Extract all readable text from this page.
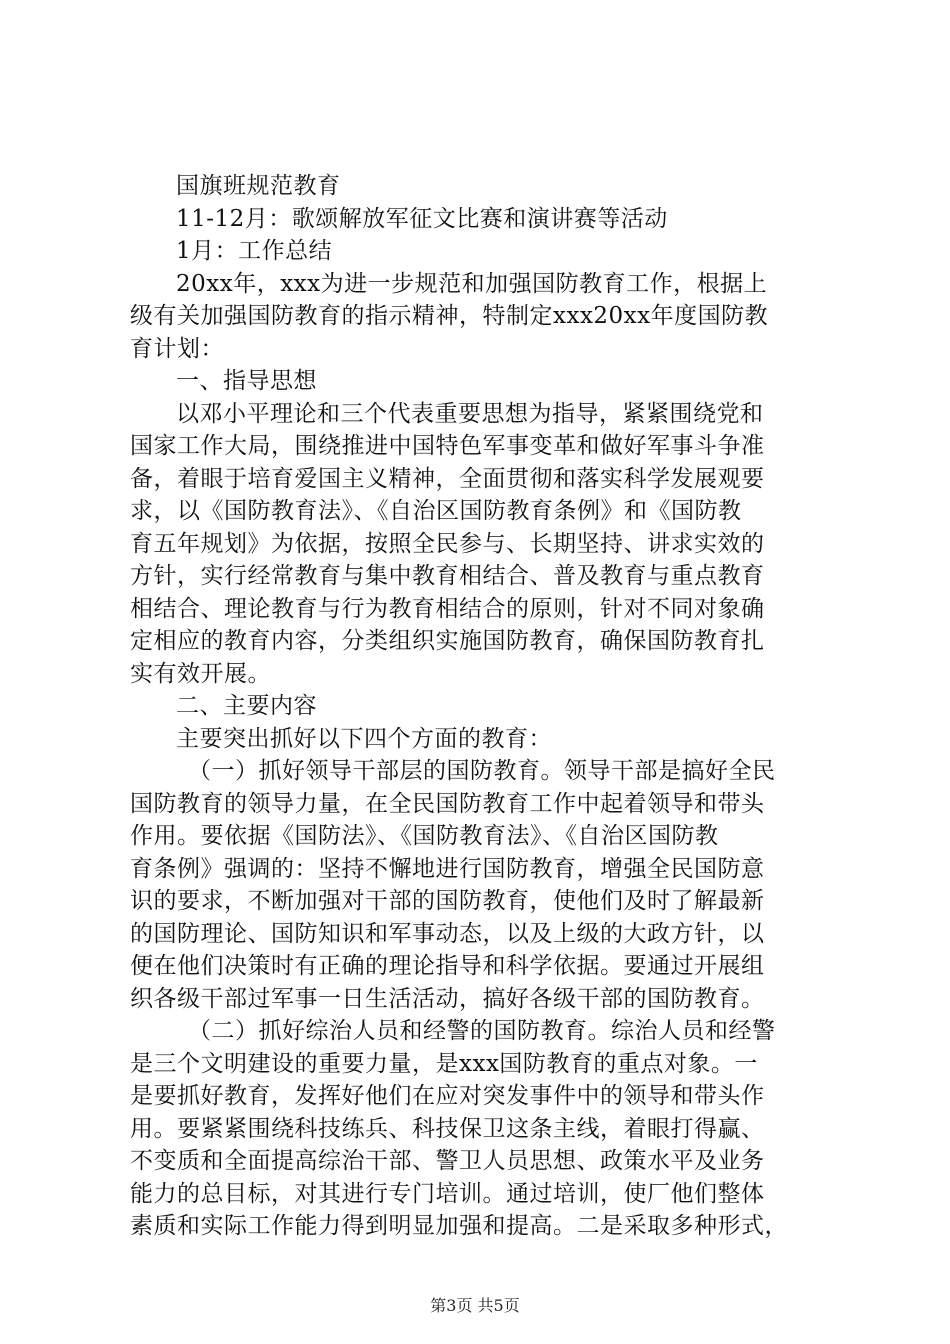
国旗班规范教育
11-12月：歌颂解放军征文比赛和演讲赛等活动
1月：工作总结
20xx年，xxx为进一步规范和加强国防教育工作，根据上
级有关加强国防教育的指示精神，特制定xxx20xx年度国防教
育计划：
一、指导思想
以邓小平理论和三个代表重要思想为指导，紧紧围绕党和
国家工作大局，围绕推进中国特色军事变革和做好军事斗争准
备，着眼于培育爱国主义精神，全面贯彻和落实科学发展观要
求，以《国防教育法》、《自治区国防教育条例》和《国防教
育五年规划》为依据，按照全民参与、长期坚持、讲求实效的
方针，实行经常教育与集中教育相结合、普及教育与重点教育
相结合、理论教育与行为教育相结合的原则，针对不同对象确
定相应的教育内容，分类组织实施国防教育，确保国防教育扎
实有效开展。
二、主要内容
主要突出抓好以下四个方面的教育：
（一）抓好领导干部层的国防教育。领导干部是搞好全民
国防教育的领导力量，在全民国防教育工作中起着领导和带头
作用。要依据《国防法》、《国防教育法》、《自治区国防教
育条例》强调的：坚持不懈地进行国防教育，增强全民国防意
识的要求，不断加强对干部的国防教育，使他们及时了解最新
的国防理论、国防知识和军事动态，以及上级的大政方针，以
便在他们决策时有正确的理论指导和科学依据。要通过开展组
织各级干部过军事一日生活活动，搞好各级干部的国防教育。
（二）抓好综治人员和经警的国防教育。综治人员和经警
是三个文明建设的重要力量，是xxx国防教育的重点对象。一
是要抓好教育，发挥好他们在应对突发事件中的领导和带头作
用。要紧紧围绕科技练兵、科技保卫这条主线，着眼打得赢、
不变质和全面提高综治干部、警卫人员思想、政策水平及业务
能力的总目标，对其进行专门培训。通过培训，使厂他们整体
素质和实际工作能力得到明显加强和提高。二是采取多种形式，
第3页 共5页
